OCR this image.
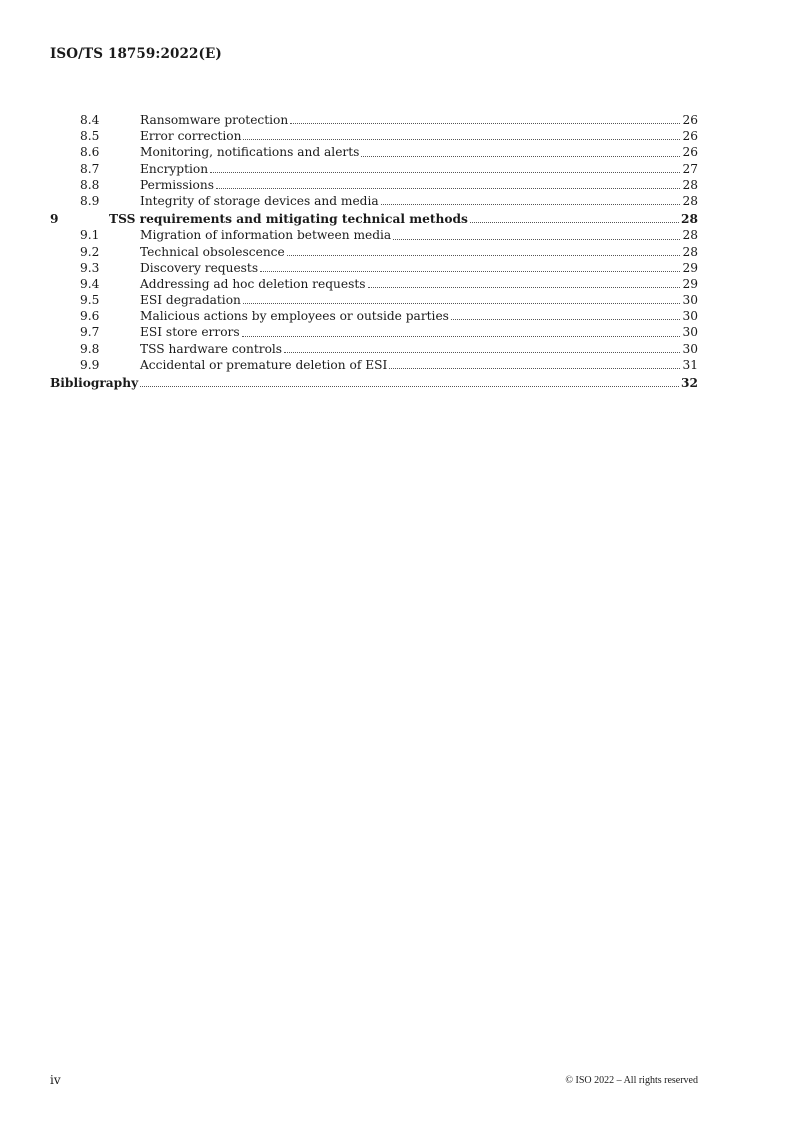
ISO/TS 18759:2022(E)
8.4	Ransomware protection	26
8.5	Error correction	26
8.6	Monitoring, notifications and alerts	26
8.7	Encryption	27
8.8	Permissions	28
8.9	Integrity of storage devices and media	28
9	TSS requirements and mitigating technical methods	28
9.1	Migration of information between media	28
9.2	Technical obsolescence	28
9.3	Discovery requests	29
9.4	Addressing ad hoc deletion requests	29
9.5	ESI degradation	30
9.6	Malicious actions by employees or outside parties	30
9.7	ESI store errors	30
9.8	TSS hardware controls	30
9.9	Accidental or premature deletion of ESI	31
Bibliography	32
iv	© ISO 2022 – All rights reserved
